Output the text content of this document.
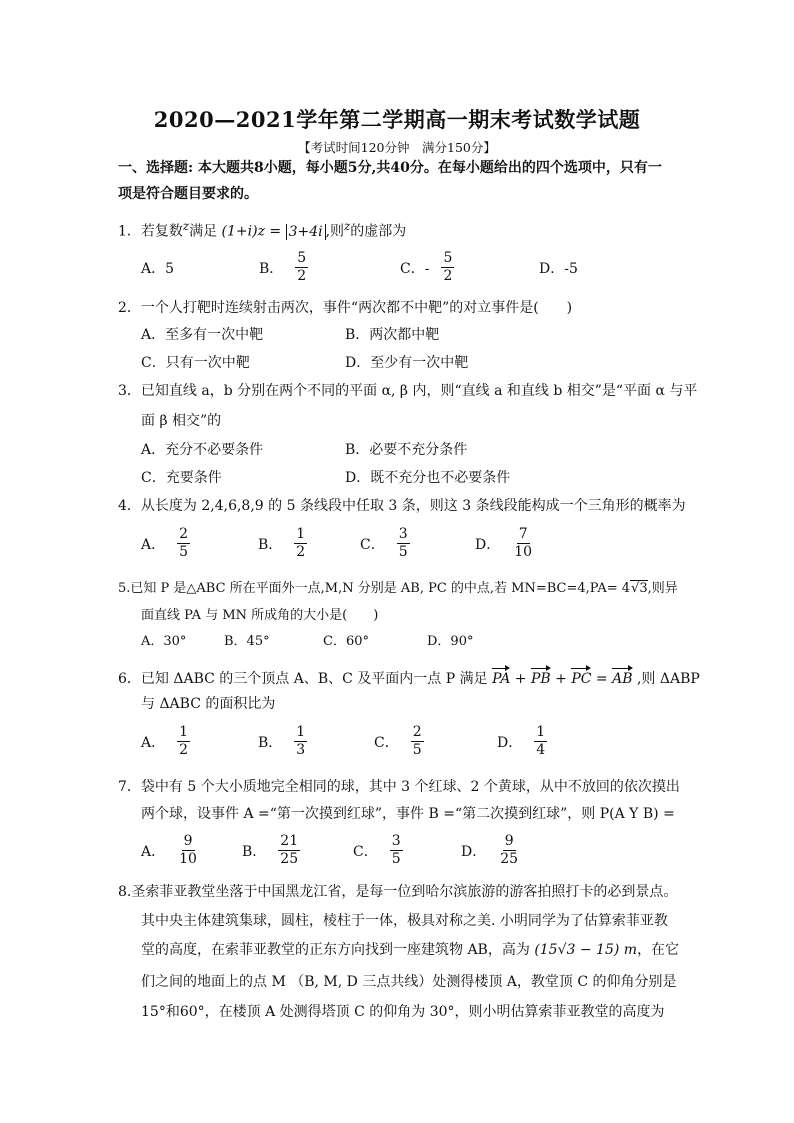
2020—2021学年第二学期高一期末考试数学试题
【考试时间120分钟　满分150分】
一、选择题: 本大题共8小题，每小题5分,共40分。在每小题给出的四个选项中，只有一
项是符合题目要求的。
1．若复数$^z$满足 (1+i)z = 3+4i ,则$^z$的虚部为
A．5	B． $\frac{5}{2}$	C．- $\frac{5}{2}$	D．-5
2．一个人打靶时连续射击两次，事件“两次都不中靶”的对立事件是(　　)
A．至多有一次中靶	B．两次都中靶
C．只有一次中靶	D．至少有一次中靶
3．已知直线 a，b 分别在两个不同的平面 α, β 内，则“直线 a 和直线 b 相交”是“平面 α 与平
面 β 相交”的
A．充分不必要条件	B．必要不充分条件
C．充要条件	D．既不充分也不必要条件
4．从长度为 2,4,6,8,9 的 5 条线段中任取 3 条，则这 3 条线段能构成一个三角形的概率为
A． $\frac{2}{5}$	B． $\frac{1}{2}$	C． $\frac{3}{5}$	D． $\frac{7}{10}$
5.已知 P 是△ABC 所在平面外一点,M,N 分别是 AB, PC 的中点,若 MN=BC=4,PA= 4√3,则异
面直线 PA 与 MN 所成角的大小是(　　)
A．30°	B．45°	C．60°	D．90°
6．已知 ΔABC 的三个顶点 A、B、C 及平面内一点 P 满足 PA + PB + PC = AB ,则 ΔABP
与 ΔABC 的面积比为
A． $\frac{1}{2}$	B． $\frac{1}{3}$	C． $\frac{2}{5}$	D． $\frac{1}{4}$
7．袋中有 5 个大小质地完全相同的球，其中 3 个红球、2 个黄球，从中不放回的依次摸出
两个球，设事件 A =“第一次摸到红球”，事件 B =“第二次摸到红球”，则 P(A Y B) =
A． $\frac{9}{10}$	B． $\frac{21}{25}$	C． $\frac{3}{5}$	D． $\frac{9}{25}$
8.圣索菲亚教堂坐落于中国黑龙江省，是每一位到哈尔滨旅游的游客拍照打卡的必到景点。
其中央主体建筑集球，圆柱，棱柱于一体，极具对称之美. 小明同学为了估算索菲亚教
堂的高度，在索菲亚教堂的正东方向找到一座建筑物 AB，高为 (15√3 − 15) m，在它
们之间的地面上的点 M （B, M, D 三点共线）处测得楼顶 A，教堂顶 C 的仰角分别是
15°和60°，在楼顶 A 处测得塔顶 C 的仰角为 30°，则小明估算索菲亚教堂的高度为
